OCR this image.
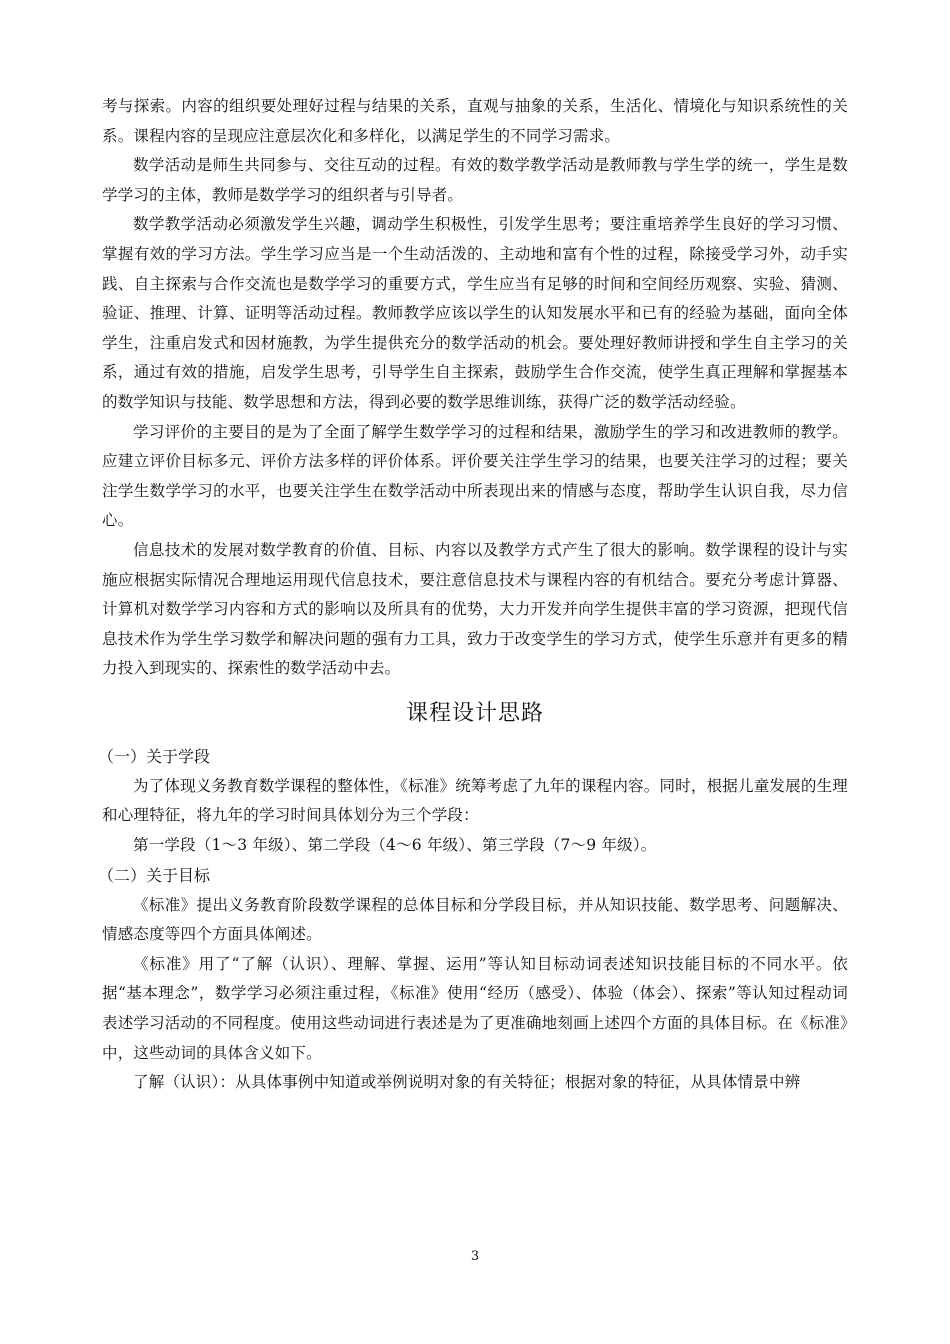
考与探索。内容的组织要处理好过程与结果的关系，直观与抽象的关系，生活化、情境化与知识系统性的关系。课程内容的呈现应注意层次化和多样化，以满足学生的不同学习需求。

数学活动是师生共同参与、交往互动的过程。有效的数学教学活动是教师教与学生学的统一，学生是数学学习的主体，教师是数学学习的组织者与引导者。

数学教学活动必须激发学生兴趣，调动学生积极性，引发学生思考；要注重培养学生良好的学习习惯、掌握有效的学习方法。学生学习应当是一个生动活泼的、主动地和富有个性的过程，除接受学习外，动手实践、自主探索与合作交流也是数学学习的重要方式，学生应当有足够的时间和空间经历观察、实验、猜测、验证、推理、计算、证明等活动过程。教师教学应该以学生的认知发展水平和已有的经验为基础，面向全体学生，注重启发式和因材施教，为学生提供充分的数学活动的机会。要处理好教师讲授和学生自主学习的关系，通过有效的措施，启发学生思考，引导学生自主探索，鼓励学生合作交流，使学生真正理解和掌握基本的数学知识与技能、数学思想和方法，得到必要的数学思维训练，获得广泛的数学活动经验。

学习评价的主要目的是为了全面了解学生数学学习的过程和结果，激励学生的学习和改进教师的教学。应建立评价目标多元、评价方法多样的评价体系。评价要关注学生学习的结果，也要关注学习的过程；要关注学生数学学习的水平，也要关注学生在数学活动中所表现出来的情感与态度，帮助学生认识自我，尽力信心。

信息技术的发展对数学教育的价值、目标、内容以及教学方式产生了很大的影响。数学课程的设计与实施应根据实际情况合理地运用现代信息技术，要注意信息技术与课程内容的有机结合。要充分考虑计算器、计算机对数学学习内容和方式的影响以及所具有的优势，大力开发并向学生提供丰富的学习资源，把现代信息技术作为学生学习数学和解决问题的强有力工具，致力于改变学生的学习方式，使学生乐意并有更多的精力投入到现实的、探索性的数学活动中去。

课程设计思路
（一）关于学段

为了体现义务教育数学课程的整体性，《标准》统筹考虑了九年的课程内容。同时，根据儿童发展的生理和心理特征，将九年的学习时间具体划分为三个学段：

第一学段（1～3 年级）、第二学段（4～6 年级）、第三学段（7～9 年级）。

（二）关于目标

《标准》提出义务教育阶段数学课程的总体目标和分学段目标，并从知识技能、数学思考、问题解决、情感态度等四个方面具体阐述。

《标准》用了“了解（认识）、理解、掌握、运用”等认知目标动词表述知识技能目标的不同水平。依据“基本理念”，数学学习必须注重过程，《标准》使用“经历（感受）、体验（体会）、探索”等认知过程动词表述学习活动的不同程度。使用这些动词进行表述是为了更准确地刻画上述四个方面的具体目标。在《标准》中，这些动词的具体含义如下。

了解（认识）：从具体事例中知道或举例说明对象的有关特征；根据对象的特征，从具体情景中辨

3
